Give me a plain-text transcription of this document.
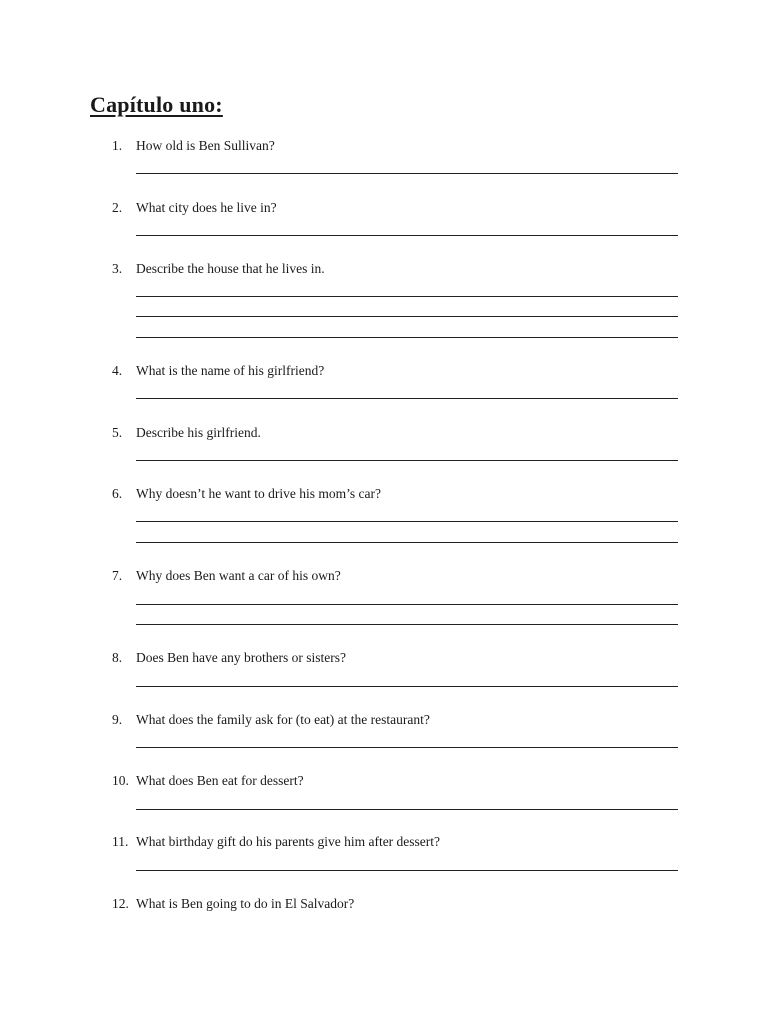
Capítulo uno:
1. How old is Ben Sullivan?
2. What city does he live in?
3. Describe the house that he lives in.
4. What is the name of his girlfriend?
5. Describe his girlfriend.
6. Why doesn’t he want to drive his mom’s car?
7. Why does Ben want a car of his own?
8. Does Ben have any brothers or sisters?
9. What does the family ask for (to eat) at the restaurant?
10. What does Ben eat for dessert?
11. What birthday gift do his parents give him after dessert?
12. What is Ben going to do in El Salvador?
